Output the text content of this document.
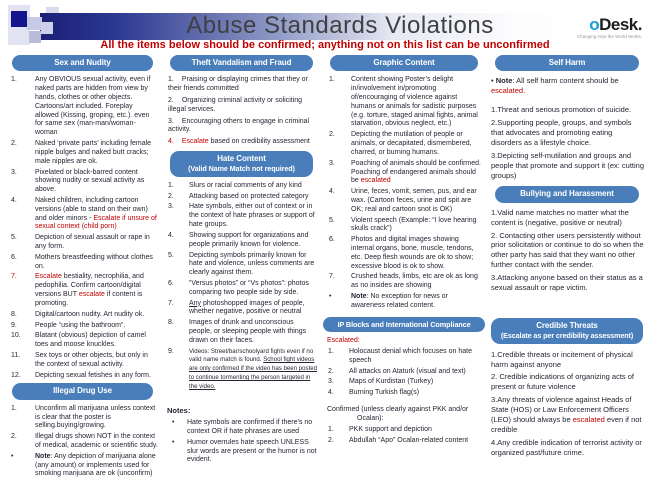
Abuse Standards Violations	oDesk.
Changing How the World Works.
All the items below should be confirmed; anything not on this list can be unconfirmed
Sex and Nudity
1.	Any OBVIOUS sexual activity, even if naked parts are hidden from view by hands, clothes or other objects. Cartoons/art included. Foreplay allowed (Kissing, groping, etc.). even for same sex (man-man/woman-woman
2.	Naked ‘private parts’ including female nipple bulges and naked butt cracks; male nipples are ok.
3.	Pixelated or black-barred content showing nudity or sexual activity as above.
4.	Naked children, including cartoon versions (able to stand on their own) and older minors - Escalate if unsure of sexual context (child porn)
5.	Depiction of sexual assault or rape in any form.
6.	Mothers breastfeeding without clothes on.
7.	Escalate bestiality, necrophilia, and pedophilia. Confirm cartoon/digital versions BUT escalate if content is promoting.
8.	Digital/cartoon nudity. Art nudity ok.
9.	People “using the bathroom“.
10.	Blatant (obvious) depiction of camel toes and moose knuckles.
11.	Sex toys or other objects, but only in the context of sexual activity.
12.	Depicting sexual fetishes in any form.
Illegal Drug Use
1.	Unconfirm all marijuana unless context is clear that the poster is selling.buying/growing.
2.	Illegal drugs shown NOT in the context of medical, academic or scientific study.
•	Note: Any depiction of marijuana alone (any amount) or implements used for smoking marijuana are ok (unconfirm)
Theft Vandalism and Fraud

1. Praising or displaying crimes that they or their friends committed

2. Organizing criminal activity or soliciting illegal services.

3. Encouraging others to engage in criminal activity.

4. Escalate based on credibility assessment

Hate Content
(Valid Name Match not required)
1.	Slurs or racial comments of any kind
2.	Attacking based on protected category
3.	Hate symbols, either out of context or in the context of hate phrases or support of hate groups.
4.	Showing support for organizations and people primarily known for violence.
5.	Depicting symbols primarily known for hate and violence, unless comments are clearly against them.
6.	“Versus photos” or “Vs photos”: photos comparing two people side by side.
7.	Any photoshopped images of people, whether negative, positive or neutral
8.	Images of drunk and unconscious people, or sleeping people with things drawn on their faces.
9.	Videos: Street/bar/schoolyard fights even if no valid name match is found. School fight videos are only confirmed if the video has been posted to continue tormenting the person targeted in the video.

Notes:

•	Hate symbols are confirmed if there’s no context OR if hate phrases are used
•	Humor overrules hate speech UNLESS slur words are present or the humor is not evident.
Graphic Content
1.	Content showing Poster’s delight in/involvement in/promoting of/encouraging of violence against humans or animals for sadistic purposes (e.g. torture, staged animal fights, animal starvation, obvious neglect, etc.)
2.	Depicting the mutilation of people or animals, or decapitated, dismembered, charred, or burning humans.
3.	Poaching of animals should be confirmed. Poaching of endangered animals should be escalated
4.	Urine, feces, vomit, semen, pus, and ear wax. (Cartoon feces, urine and spit are OK; real and cartoon snot is OK)
5.	Violent speech (Example: “I love hearing skulls crack”)
6.	Photos and digital images showing internal organs, bone, muscle, tendons, etc. Deep flesh wounds are ok to show; excessive blood is ok to show.
7.	Crushed heads, limbs, etc are ok as long as no insides are showing
•	Note: No exception for news or awareness related content.
IP Blocks and International Compliance

Escalated:

1.	Holocaust denial which focuses on hate speech
2.	All attacks on Ataturk (visual and text)
3.	Maps of Kurdistan (Turkey)
4.	Burning Turkish flag(s)

Confirmed (unless clearly against PKK and/or Ocalan):

1.	PKK support and depiction
2.	Abdullah “Apo” Ocalan-related content
Self Harm

• Note: All self harm content should be escalated.

1.Threat and serious promotion of suicide.

2.Supporting people, groups, and symbols that advocates and promoting eating disorders as a lifestyle choice.

3.Depicting self-mutilation and groups and people that promote and support it (ex: cutting groups)

Bullying and Harassment

1.Valid name matches no matter what the content is (negative, positive or neutral)

2. Contacting other users persistently without prior solicitation or continue to do so when the other party has said that they want no other further contact with the sender.

3.Attacking anyone based on their status as a sexual assault or rape victim.

Credible Threats
(Escalate as per credibility assessment)

1.Credible threats or incitement of physical harm against anyone

2. Credible indications of organizing acts of present or future violence

3.Any threats of violence against Heads of State (HOS) or Law Enforcement Officers (LEO) should always be escalated even if not credible

4.Any credible indication of terrorist activity or organized past/future crime.
